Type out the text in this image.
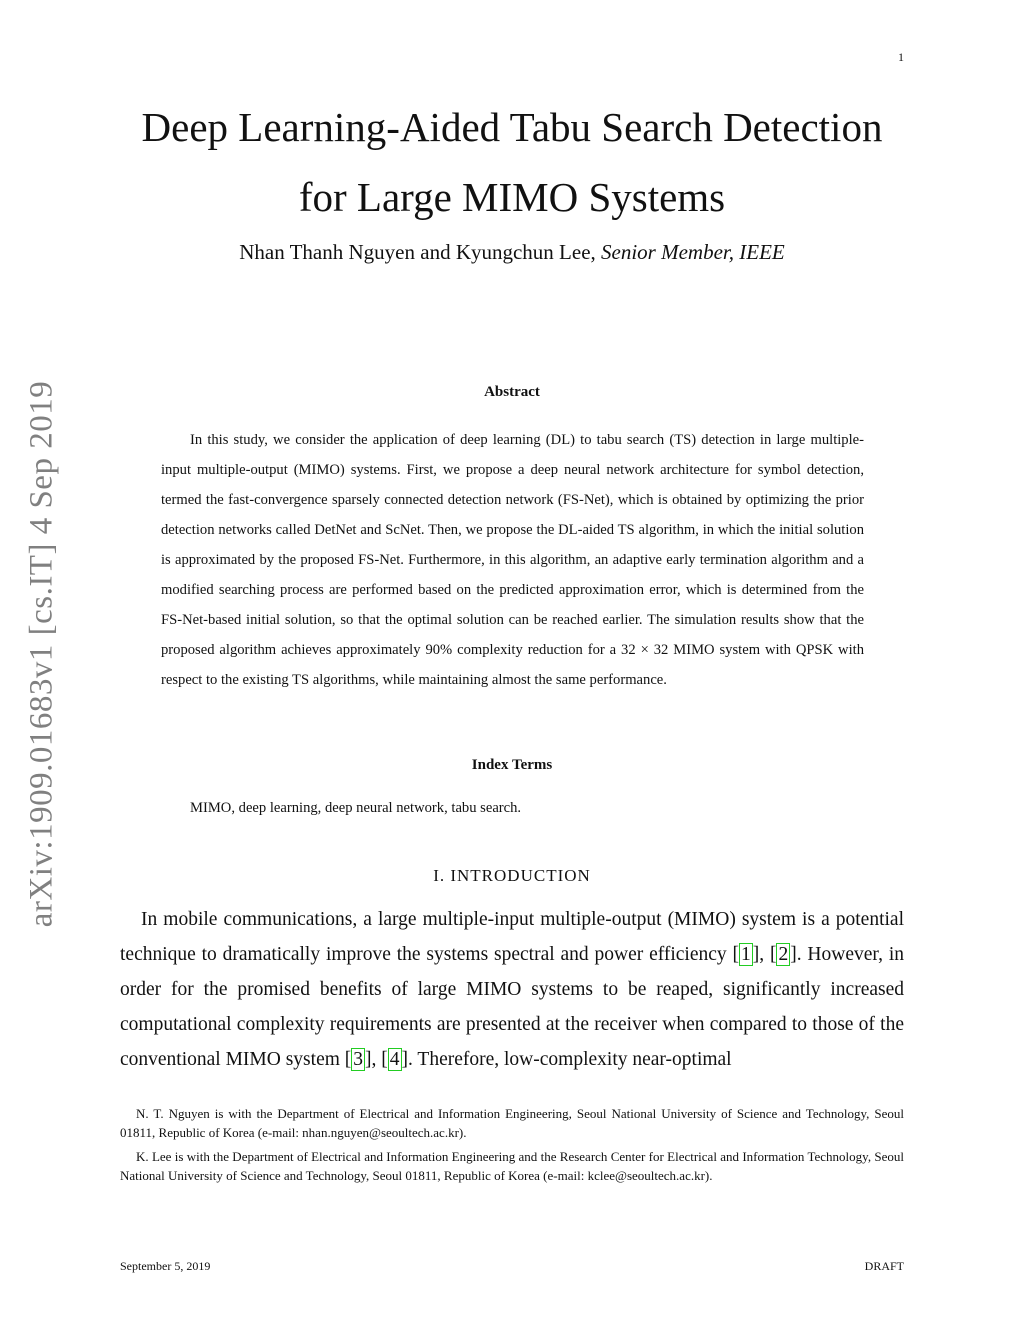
1
arXiv:1909.01683v1 [cs.IT] 4 Sep 2019
Deep Learning-Aided Tabu Search Detection
for Large MIMO Systems
Nhan Thanh Nguyen and Kyungchun Lee, Senior Member, IEEE
Abstract

In this study, we consider the application of deep learning (DL) to tabu search (TS) detection in large multiple-input multiple-output (MIMO) systems. First, we propose a deep neural network architecture for symbol detection, termed the fast-convergence sparsely connected detection network (FS-Net), which is obtained by optimizing the prior detection networks called DetNet and ScNet. Then, we propose the DL-aided TS algorithm, in which the initial solution is approximated by the proposed FS-Net. Furthermore, in this algorithm, an adaptive early termination algorithm and a modified searching process are performed based on the predicted approximation error, which is determined from the FS-Net-based initial solution, so that the optimal solution can be reached earlier. The simulation results show that the proposed algorithm achieves approximately 90% complexity reduction for a 32 × 32 MIMO system with QPSK with respect to the existing TS algorithms, while maintaining almost the same performance.

Index Terms

MIMO, deep learning, deep neural network, tabu search.

I. INTRODUCTION

In mobile communications, a large multiple-input multiple-output (MIMO) system is a potential technique to dramatically improve the systems spectral and power efficiency [ 1 ], [ 2 ]. However, in order for the promised benefits of large MIMO systems to be reaped, significantly increased computational complexity requirements are presented at the receiver when compared to those of the conventional MIMO system [ 3 ], [ 4 ]. Therefore, low-complexity near-optimal

N. T. Nguyen is with the Department of Electrical and Information Engineering, Seoul National University of Science and Technology, Seoul 01811, Republic of Korea (e-mail: nhan.nguyen@seoultech.ac.kr).

K. Lee is with the Department of Electrical and Information Engineering and the Research Center for Electrical and Information Technology, Seoul National University of Science and Technology, Seoul 01811, Republic of Korea (e-mail: kclee@seoultech.ac.kr).

September 5, 2019	DRAFT
